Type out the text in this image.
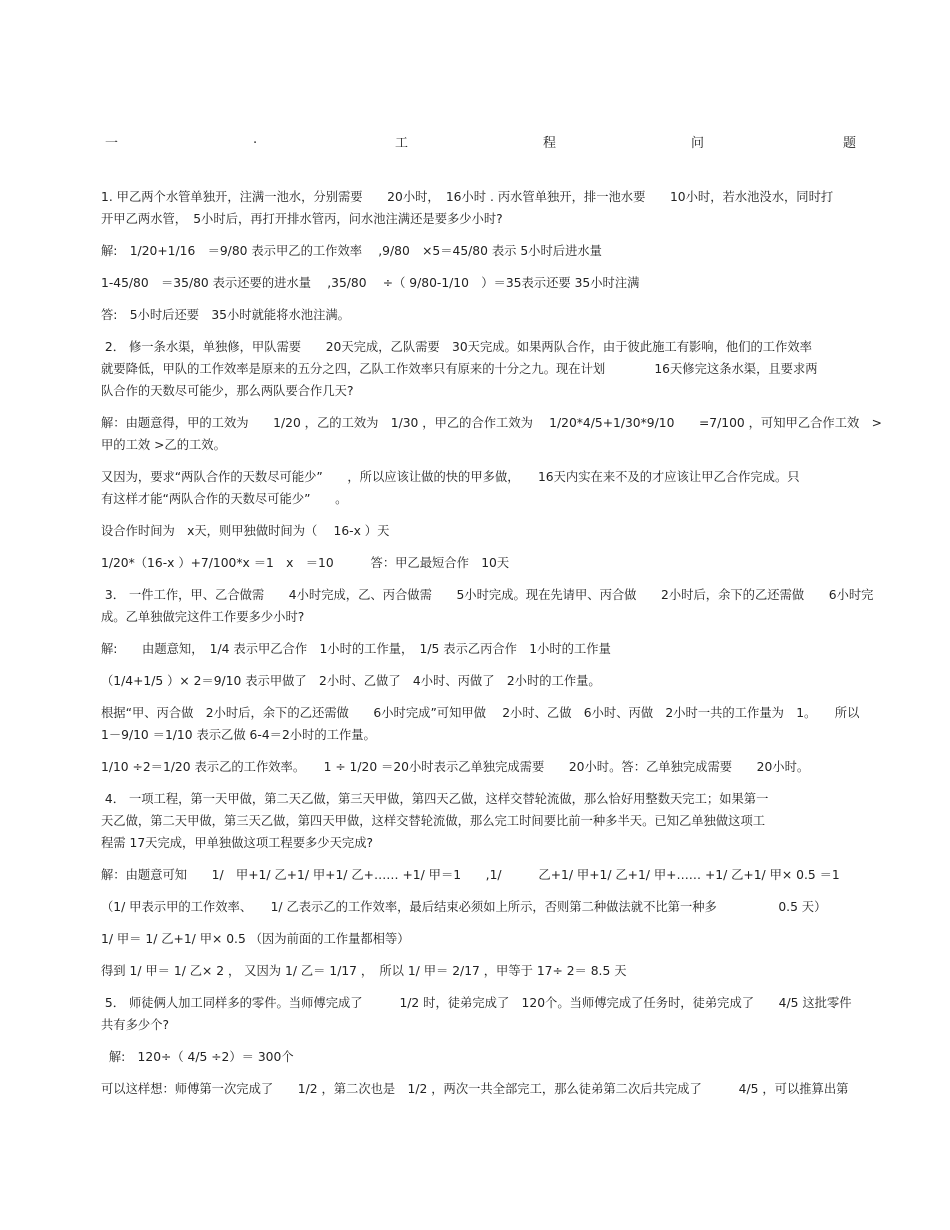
一	.	工	程	问	题
1. 甲乙两个水管单独开，注满一池水，分别需要　　20小时，　16小时 . 丙水管单独开，排一池水要　　10小时，若水池没水，同时打
开甲乙两水管，　5小时后，再打开排水管丙，问水池注满还是要多少小时?
解:　1/20+1/16　＝9/80 表示甲乙的工作效率　 ,9/80　×5＝45/80 表示 5小时后进水量
1-45/80　＝35/80 表示还要的进水量　 ,35/80　 ÷（ 9/80-1/10　）＝35表示还要 35小时注满
答:　5小时后还要　35小时就能将水池注满。
2． 修一条水渠，单独修，甲队需要　　20天完成，乙队需要　30天完成。如果两队合作，由于彼此施工有影响，他们的工作效率
就要降低，甲队的工作效率是原来的五分之四，乙队工作效率只有原来的十分之九。现在计划　　　　16天修完这条水渠，且要求两
队合作的天数尽可能少，那么两队要合作几天?
解：由题意得，甲的工效为　　1/20 ，乙的工效为　1/30 ，甲乙的合作工效为　 1/20*4/5+1/30*9/10　　=7/100 ，可知甲乙合作工效　>
甲的工效 >乙的工效。
又因为，要求“两队合作的天数尽可能少”　　，所以应该让做的快的甲多做，　　16天内实在来不及的才应该让甲乙合作完成。只
有这样才能“两队合作的天数尽可能少”　　。
设合作时间为　x天，则甲独做时间为（　 16-x ）天
1/20*（16-x ）+7/100*x ＝1　x　＝10　　　答：甲乙最短合作　10天
3． 一件工作，甲、乙合做需　　4小时完成，乙、丙合做需　　5小时完成。现在先请甲、丙合做　　2小时后，余下的乙还需做　　6小时完
成。乙单独做完这件工作要多少小时?
解:　　由题意知，　1/4 表示甲乙合作　1小时的工作量，　1/5 表示乙丙合作　1小时的工作量
（1/4+1/5 ）× 2＝9/10 表示甲做了　2小时、乙做了　4小时、丙做了　2小时的工作量。
根据“甲、丙合做　2小时后，余下的乙还需做　　6小时完成”可知甲做　 2小时、乙做　6小时、丙做　2小时一共的工作量为　1。　　所以
1－9/10 ＝1/10 表示乙做 6-4＝2小时的工作量。
1/10 ÷2＝1/20 表示乙的工作效率。　　1 ÷ 1/20 ＝20小时表示乙单独完成需要　　20小时。答：乙单独完成需要　　20小时。
4． 一项工程，第一天甲做，第二天乙做，第三天甲做，第四天乙做，这样交替轮流做，那么恰好用整数天完工；如果第一
天乙做，第二天甲做，第三天乙做，第四天甲做，这样交替轮流做，那么完工时间要比前一种多半天。已知乙单独做这项工
程需 17天完成，甲单独做这项工程要多少天完成?
解：由题意可知　　1/　甲+1/ 乙+1/ 甲+1/ 乙+…… +1/ 甲＝1　　,1/　　　乙+1/ 甲+1/ 乙+1/ 甲+…… +1/ 乙+1/ 甲× 0.5 ＝1
（1/ 甲表示甲的工作效率、　　1/ 乙表示乙的工作效率，最后结束必须如上所示，否则第二种做法就不比第一种多　　　　　0.5 天）
1/ 甲＝ 1/ 乙+1/ 甲× 0.5 （因为前面的工作量都相等）
得到 1/ 甲＝ 1/ 乙× 2 ， 又因为 1/ 乙＝ 1/17 ，　所以 1/ 甲＝ 2/17 ，甲等于 17÷ 2＝ 8.5 天
5． 师徒俩人加工同样多的零件。当师傅完成了　　　1/2 时，徒弟完成了　120个。当师傅完成了任务时，徒弟完成了　　4/5 这批零件
共有多少个?
解:　120÷（ 4/5 ÷2）＝ 300个
可以这样想：师傅第一次完成了　　1/2 ，第二次也是　1/2 ，两次一共全部完工，那么徒弟第二次后共完成了　　　4/5 ，可以推算出第
